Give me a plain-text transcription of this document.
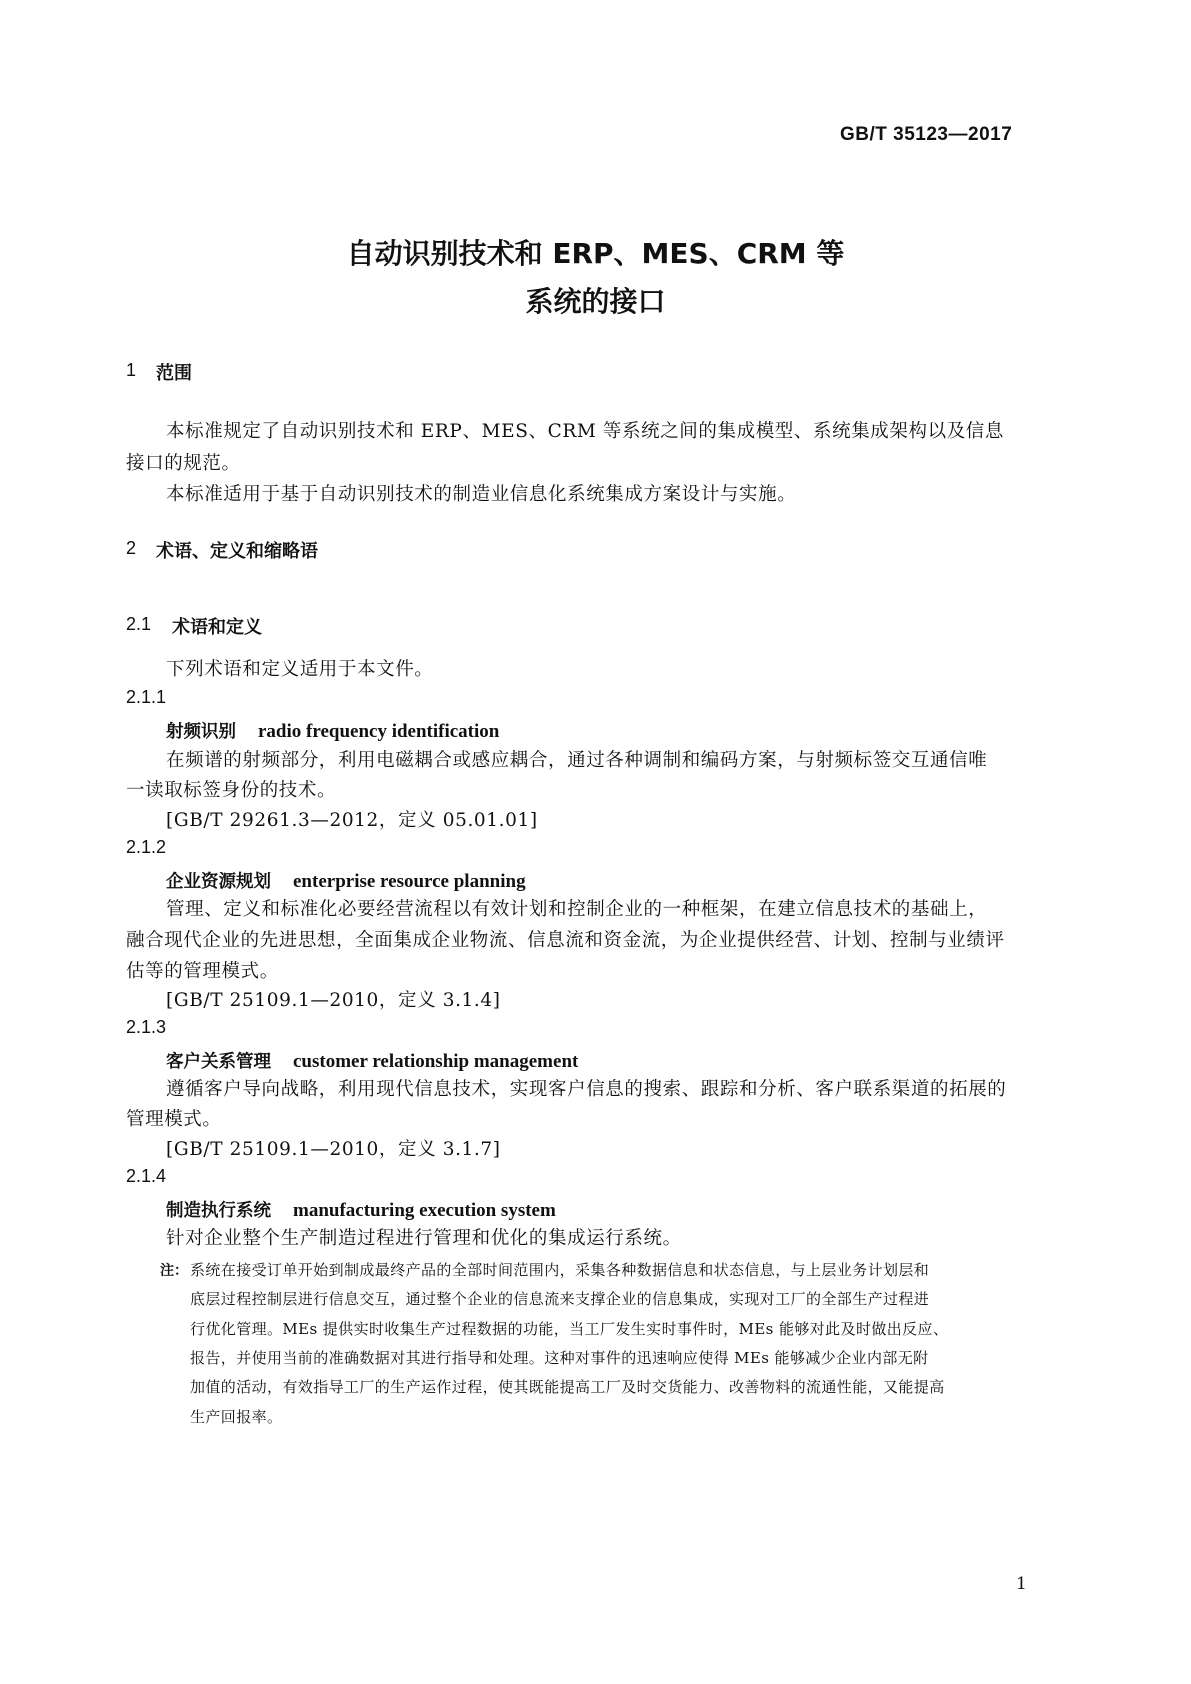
GB/T 35123—2017
自动识别技术和 ERP、MES、CRM 等
系统的接口
1 范围
本标准规定了自动识别技术和 ERP、MES、CRM 等系统之间的集成模型、系统集成架构以及信息
接口的规范。
本标准适用于基于自动识别技术的制造业信息化系统集成方案设计与实施。
2 术语、定义和缩略语
2.1 术语和定义
下列术语和定义适用于本文件。
2.1.1
射频识别 radio frequency identification
在频谱的射频部分，利用电磁耦合或感应耦合，通过各种调制和编码方案，与射频标签交互通信唯
一读取标签身份的技术。
[GB/T 29261.3—2012，定义 05.01.01]
2.1.2
企业资源规划 enterprise resource planning
管理、定义和标准化必要经营流程以有效计划和控制企业的一种框架，在建立信息技术的基础上，
融合现代企业的先进思想，全面集成企业物流、信息流和资金流，为企业提供经营、计划、控制与业绩评
估等的管理模式。
[GB/T 25109.1—2010，定义 3.1.4]
2.1.3
客户关系管理 customer relationship management
遵循客户导向战略，利用现代信息技术，实现客户信息的搜索、跟踪和分析、客户联系渠道的拓展的
管理模式。
[GB/T 25109.1—2010，定义 3.1.7]
2.1.4
制造执行系统 manufacturing execution system
针对企业整个生产制造过程进行管理和优化的集成运行系统。
注： 系统在接受订单开始到制成最终产品的全部时间范围内，采集各种数据信息和状态信息，与上层业务计划层和
底层过程控制层进行信息交互，通过整个企业的信息流来支撑企业的信息集成，实现对工厂的全部生产过程进
行优化管理。MEs 提供实时收集生产过程数据的功能，当工厂发生实时事件时，MEs 能够对此及时做出反应、
报告，并使用当前的准确数据对其进行指导和处理。这种对事件的迅速响应使得 MEs 能够减少企业内部无附
加值的活动，有效指导工厂的生产运作过程，使其既能提高工厂及时交货能力、改善物料的流通性能，又能提高
生产回报率。
1
